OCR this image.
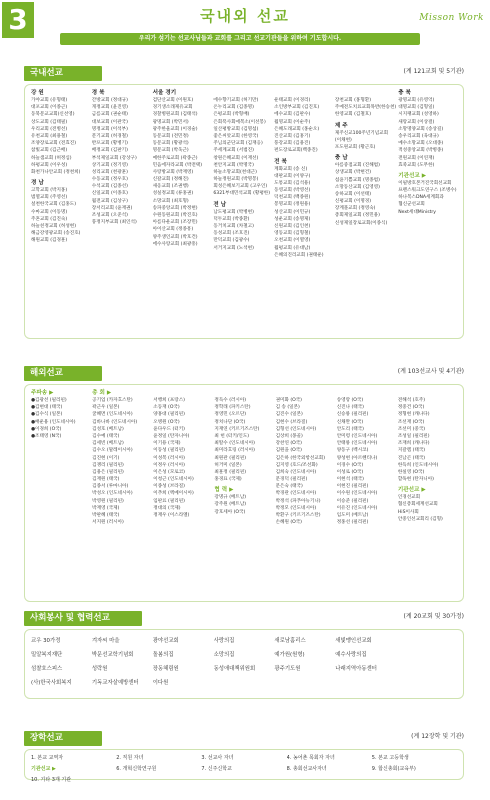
3	국내외 선교	Misson Work
우리가 섬기는 선교사님들과 교회를 그리고 선교기관들을 위하여 기도합시다.
국내선교	(계 121교회 및 5기관)
강 원
가야교회 (유형태)
대포교회 (이종근)
동북문교교회(신선영)
상도교회 (김태필)
우리교회 (전병선)
유천교회 (최용철)
조양장로교회 (전효진)
참빛교회 (김근배)
하늘샘교회 (허정심)
하평교회 (이우성)
화천가나안교회 (정천희)
경 남
고학교회 (박지홍)
범열교회 (주영선)
설천한국교회 (김홍도)
수마교회 (이동명)
주혼교회 (김진숙)
하늘친정교회 (허성현)
해금강영광교회 (송진호)
해원교회 (김경훈)
경 북
간방교회 (정대규)
게정교회 (윤진영)
금름교회 (권순태)
대보교회 (이관국)
명정교회 (이석부)
문기교회 (허경철)
반포교회 (황병기)
배정교회 (김판기)
부석제일교회 (강상구)
상기교회 (정기영)
성리교회 (천광훈)
수동교회 (정우호)
수석교회 (김종선)
신일교회 (이종호)
월전교회 (김상구)
장서리교회 (윤재권)
조성교회 (오준석)
풍정지부교회 (최인석)
서울 경기
검단산교회 (이원호)
경기생소래제유교회
경찰병원교회 (김태석)
광명교회 (박민서)
광주한울교회 (이경술)
동문교회 (전민정)
동문교회 (황광석)
명문교회 (박욱근)
예한주로교회 (곽종근)
민음에자라교회 (박전택)
사랑방교회 (박재영)
신갈교회 (정해진)
새옹교회 (조권행)
성실정교회 (류홍권)
소망교회 (최호형)
송파중앙교회 (박정현)
수원동원교회 (박진호)
아름다운교회 (조장민)
아이산교회 (정종흥)
양주생인교회 (박호건)
에수사랑교회 (최광흥)
에수향기교회 (허기만)
온누리교회 (김종명)
은평교회 (박형배)
은회폭사회애복소(이선봉)
일산평방교회 (김명섭)
좋은씨앗교회 (한영국)
주님의군단교회 (김재응)
주세계교회 (서범진)
창원은혜교회 (이재선)
천안지교회 (박명국)
하늘소망교회(천대근)
하늘정원교회 (박명봉)
회성은혜보기교회 (고우인)
6321부대민석교회 (황평한)
전 남
남도평교회 (박병현)
덕두교회 (박종환)
동거치교회 (차철고)
동성교회 (조호진)
만덕교회 (김광수)
서거지교회 (노석현)
운태교회 (이경리)
소인방부교회 (김진호)
에수교회 (김판수)
월명교회 (이순주)
은혜도래교회 (홍순오)
진산교회 (김홍기)
풍강교회 (김용진)
펀도장로교회(백종진)
전 북
계화교회 (송 신)
대판교회 (이양구)
도통교회 (김석용)
동영교회 (박영선)
덕천교회 (백종원)
봉명교회 (정원용)
성산교회 (이민규)
성운교회 (송명제)
신원교회 (김인천)
영동교회 (김형철)
오천교회 (이열영)
월평교회 (유대남)
은혜의진리교회 (권태운)
장천교회 (홍형환)
주예전도치료교회목반(한승천)
한영교회 (김철호)
제 주
제주신교100주년기념교회
(이채현)
포도원교회 (황근호)
충 남
아름중점교회 (진해범)
상생교회 (박현건)
섭윤기쁨교회 (명종범)
소망동산교회 (김영영)
송하교회 (이선태)
신평교회 (이명경)
장계몰교회 (정영숙)
총회제일교회 (정민용)
신성제일장로교회(이종식)
충 북
광명교회 (유영억)
대명교회 (김형일)
시지팽교회 (성영하)
새랑교회 (이상걸)
소망명양교회 (송상길)
송우리교회 (육대규)
예수소망교회 (오대종)
적성중앙교회 (박병종)
전원교회 (이연재)
효죽교회 (도무한)
기관선교 ▶
이필방호본거진국회선교회
프렌스워크도연구스 (조병수)
하나복스DNA세계회과
협신군선교회
Next세대Ministry
해외선교	(계 103선교사 및 4기관)
주파송 ▶
●김광선 (필리핀)
●김현대 (태국)
●김수식 (일본)
●배운용 (인도네시아)
●이경희 (O국)
●조태영 (N국)
총 회 ▶
공기업 (카자흐스탄)
곽근우 (일본)
굴혜면 (인도네시아)
김바나바 (인도네시아)
김성호 (베트남)
김수예 (태국)
김세빈 (베트남)
김수오 (말레이시아)
김진현 (이기)
김쟁리 (필리핀)
김용은 (필리핀)
김재원 (태국)
김종서 (루마니아)
박성오 (인도네시아)
박영원 (필리핀)
박재영 (국제)
박판혜 (태국)
서지원 (러시아)
서행희 (프랑스)
소동재 (O국)
양홍대 (필리핀)
오병원 (O국)
윤다우드 (터키)
윤정일 (탄자니아)
이기용 (국제)
이동성 (필리핀)
이성복 (러시아)
이정우 (러시아)
이은성 (모로코)
이청근 (인도네시아)
이종성 (브라질)
이추희 (멕메이시아)
임판료 (필리핀)
정대의 (국제)
정재우 (이스라엘)
정득수 (러시아)
정학래 (파키스탄)
정영민 (오르단)
정치나단 (O국)
지재연 (키르기즈스탄)
최 헌 (터키/인도)
최딸수 (인도네시아)
최미라흐링 (러시아)
최원관 (필리핀)
허거미 (일본)
최훈정 (필리핀)
홍경표 (국제)
협 력 ▶
강명규 (베트남)
강주원 (베트남)
강호세아 (O국)
권미화 (O국)
김 송 (일본)
김진수 (일본)
김현수 (브라질)
김형선 (인도네시아)
김상희 (몽골)
강찬연 (O국)
김원을 (O국)
김은하 (한국외항선교회)
김지영 (호드/조선화)
김희숙 (인도네시아)
문경덕 (필리핀)
문은숙 (태국)
박경관 (인도네시아)
박정석 (파푸아뉴기니)
박정모 (인도네시아)
박환구 (키르기즈스탄)
손혜원 (O국)
송영랑 (O국)
신진나 (태국)
신승룡 (필리핀)
신채완 (O국)
안도리 (태국)
안미령 (인도네시아)
안태룡 (인도네시아)
양동구 (벡시코)
양성현 (아르헨티나)
이경수 (O국)
이성로 (O국)
이현석 (태국)
이현진 (필리핀)
이수원 (인도네시아)
이승준 (필리핀)
이유진 (인도네시아)
임도미 (베트남)
정홍선 (필리핀)
전해석 (호주)
정중건 (O국)
정형현 (캐나다)
조선재 (O국)
조선미 (중국)
조성일 (필리핀)
조재희 (캐나다)
지갈렘 (태국)
진남곤 (태국)
한득희 (인도네시아)
한실영 (O국)
할독현 (탄자니아)
기관선교 ▶
인경선교회
협신총회세계선교회
HiS이사회
안중인선교회리 (김형)
사회봉사 및 협력선교	(계 20교회 및 30가정)
교우 30가정	겨자씨 마을	광야선교회	사랑의집	새로남홈리스	새빛맹인선교회
밀알복지재단	박문선교학기념회	돌봄의집	소망의집	예가원(원형)	예수사랑의집
섬찰호스피스	성락원	장동혜림원	동성애대책위원회	광주기도원	나래지역아동센터
(사)한국사회복지	기독교자살예방센터	이다원
장학선교	(계 12장학 및 기관)
1. 본교 교역자	2. 직원 자녀	3. 선교사 자녀	4. 농어촌 목회자 자녀	5. 본교 고등학생
기관선교 ▶	6. 개혁신학연구원	7. 신주신학교	8. 총회선교사자녀	9. 합신총회(교육부)
10. 기타 3개 기관
